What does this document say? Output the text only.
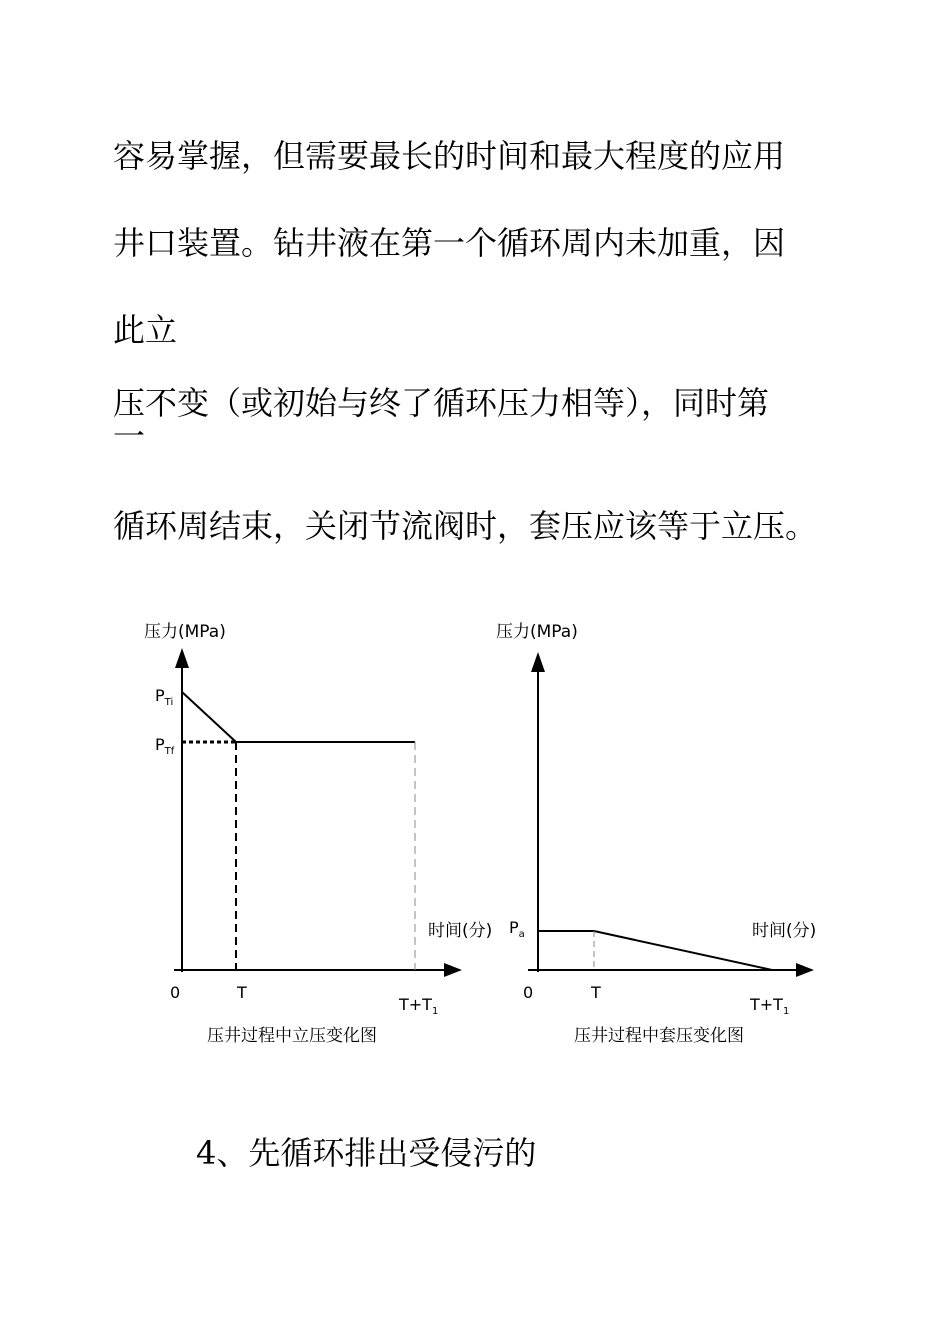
容易掌握，但需要最长的时间和最大程度的应用

井口装置。钻井液在第一个循环周内未加重，因

此立

压不变（或初始与终了循环压力相等），同时第

一

循环周结束，关闭节流阀时，套压应该等于立压。

压力(MPa)
$P_{Ti}$
$P_{Tf}$
时间(分)
0	T
$T+T_1$
压井过程中立压变化图
压力(MPa)
$P_a$	时间(分)
0	T
$T+T_1$
压井过程中套压变化图

4、先循环排出受侵污的
